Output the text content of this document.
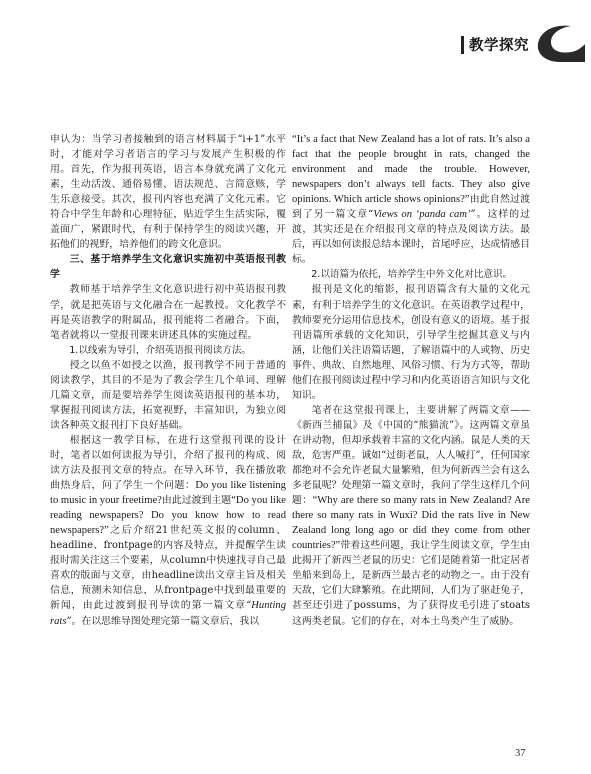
教学探究

申认为：当学习者接触到的语言材料属于“i+1”水平时，才能对学习者语言的学习与发展产生积极的作用。首先，作为报刊英语，语言本身就充满了文化元素，生动活泼、通俗易懂、语法规范、言简意赅，学生乐意接受。其次，报刊内容也充满了文化元素。它符合中学生年龄和心理特征，贴近学生生活实际，覆盖面广，紧跟时代，有利于保持学生的阅读兴趣，开拓他们的视野，培养他们的跨文化意识。

三、基于培养学生文化意识实施初中英语报刊教学

教师基于培养学生文化意识进行初中英语报刊教学，就是把英语与文化融合在一起教授。文化教学不再是英语教学的附属品，报刊能将二者融合。下面，笔者就将以一堂报刊课来讲述具体的实施过程。

1.以线索为导引，介绍英语报刊阅读方法。

授之以鱼不如授之以渔，报刊教学不同于普通的阅读教学，其目的不是为了教会学生几个单词、理解几篇文章，而是要培养学生阅读英语报刊的基本功，掌握报刊阅读方法，拓宽视野，丰富知识，为独立阅读各种英文报刊打下良好基础。

根据这一教学目标，在进行这堂报刊课的设计时，笔者以如何读报为导引，介绍了报刊的构成、阅读方法及报刊文章的特点。在导入环节，我在播放歌曲热身后，问了学生一个问题：Do you like listening to music in your freetime?由此过渡到主题“Do you like reading newspapers? Do you know how to read newspapers?”之后介绍21世纪英文报的column、headline、frontpage的内容及特点，并提醒学生读报时需关注这三个要素，从column中快速找寻自己最喜欢的版面与文章，由headline读出文章主旨及相关信息，预测未知信息，从frontpage中找到最重要的新闻，由此过渡到报刊导读的第一篇文章“Hunting rats”。在以思维导图处理完第一篇文章后，我以

“It’s a fact that New Zealand has a lot of rats. It’s also a fact that the people brought in rats, changed the environment and made the trouble. However, newspapers don’t always tell facts. They also give opinions. Which article shows opinions?”由此自然过渡到了另一篇文章“Views on ‘panda cam’”。这样的过渡，其实还是在介绍报刊文章的特点及阅读方法。最后，再以如何读报总结本课时，首尾呼应，达成情感目标。

2.以语篇为依托，培养学生中外文化对比意识。

报刊是文化的缩影，报刊语篇含有大量的文化元素，有利于培养学生的文化意识。在英语教学过程中，教师要充分运用信息技术，创设有意义的语境。基于报刊语篇所承载的文化知识，引导学生挖掘其意义与内涵，让他们关注语篇话题，了解语篇中的人或物、历史事件、典故、自然地理、风俗习惯、行为方式等，帮助他们在报刊阅读过程中学习和内化英语语言知识与文化知识。

笔者在这堂报刊课上，主要讲解了两篇文章——《新西兰捕鼠》及《中国的“熊猫流”》。这两篇文章虽在讲动物，但却承载着丰富的文化内涵。鼠是人类的天敌，危害严重。诚如“过街老鼠，人人喊打”，任何国家都绝对不会允许老鼠大量繁殖，但为何新西兰会有这么多老鼠呢？处理第一篇文章时，我问了学生这样几个问题：“Why are there so many rats in New Zealand? Are there so many rats in Wuxi? Did the rats live in New Zealand long long ago or did they come from other countries?”带着这些问题，我让学生阅读文章，学生由此揭开了新西兰老鼠的历史：它们是随着第一批定居者坐船来到岛上，是新西兰最古老的动物之一。由于没有天敌，它们大肆繁殖。在此期间，人们为了驱赶兔子，甚至还引进了possums，为了获得皮毛引进了stoats这两类老鼠。它们的存在，对本土鸟类产生了威胁。

37
